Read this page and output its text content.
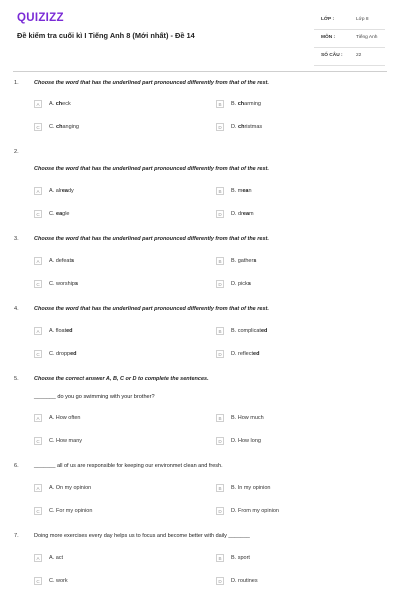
QUIZIZZ
Đề kiểm tra cuối kì I Tiếng Anh 8 (Mới nhất) - Đề 14
LỚP :	Lớp 8
MÔN :	Tiếng Anh
SỐ CÂU :	22
1.	Choose the word that has the underlined part pronounced differently from that of the rest.
A	A. check	B	B. charming
C	C. changing	D	D. christmas
2.
Choose the word that has the underlined part pronounced differently from that of the rest.
A	A. already	B	B. mean
C	C. eagle	D	D. dream
3.	Choose the word that has the underlined part pronounced differently from that of the rest.
A	A. defeats	B	B. gathers
C	C. worships	D	D. picks
4.	Choose the word that has the underlined part pronounced differently from that of the rest.
A	A. floated	B	B. complicated
C	C. dropped	D	D. reflected
5.	Choose the correct answer A, B, C or D to complete the sentences.
_______ do you go swimming with your brother?
A	A. How often	B	B. How much
C	C. How many	D	D. How long
6.	_______ all of us are responsible for keeping our environmet clean and fresh.
A	A. On my opinion	B	B. In my opinion
C	C. For my opinion	D	D. From my opinion
7.	Doing more exercises every day helps us to focus and become better with daily _______
A	A. act	B	B. sport
C	C. work	D	D. routines
